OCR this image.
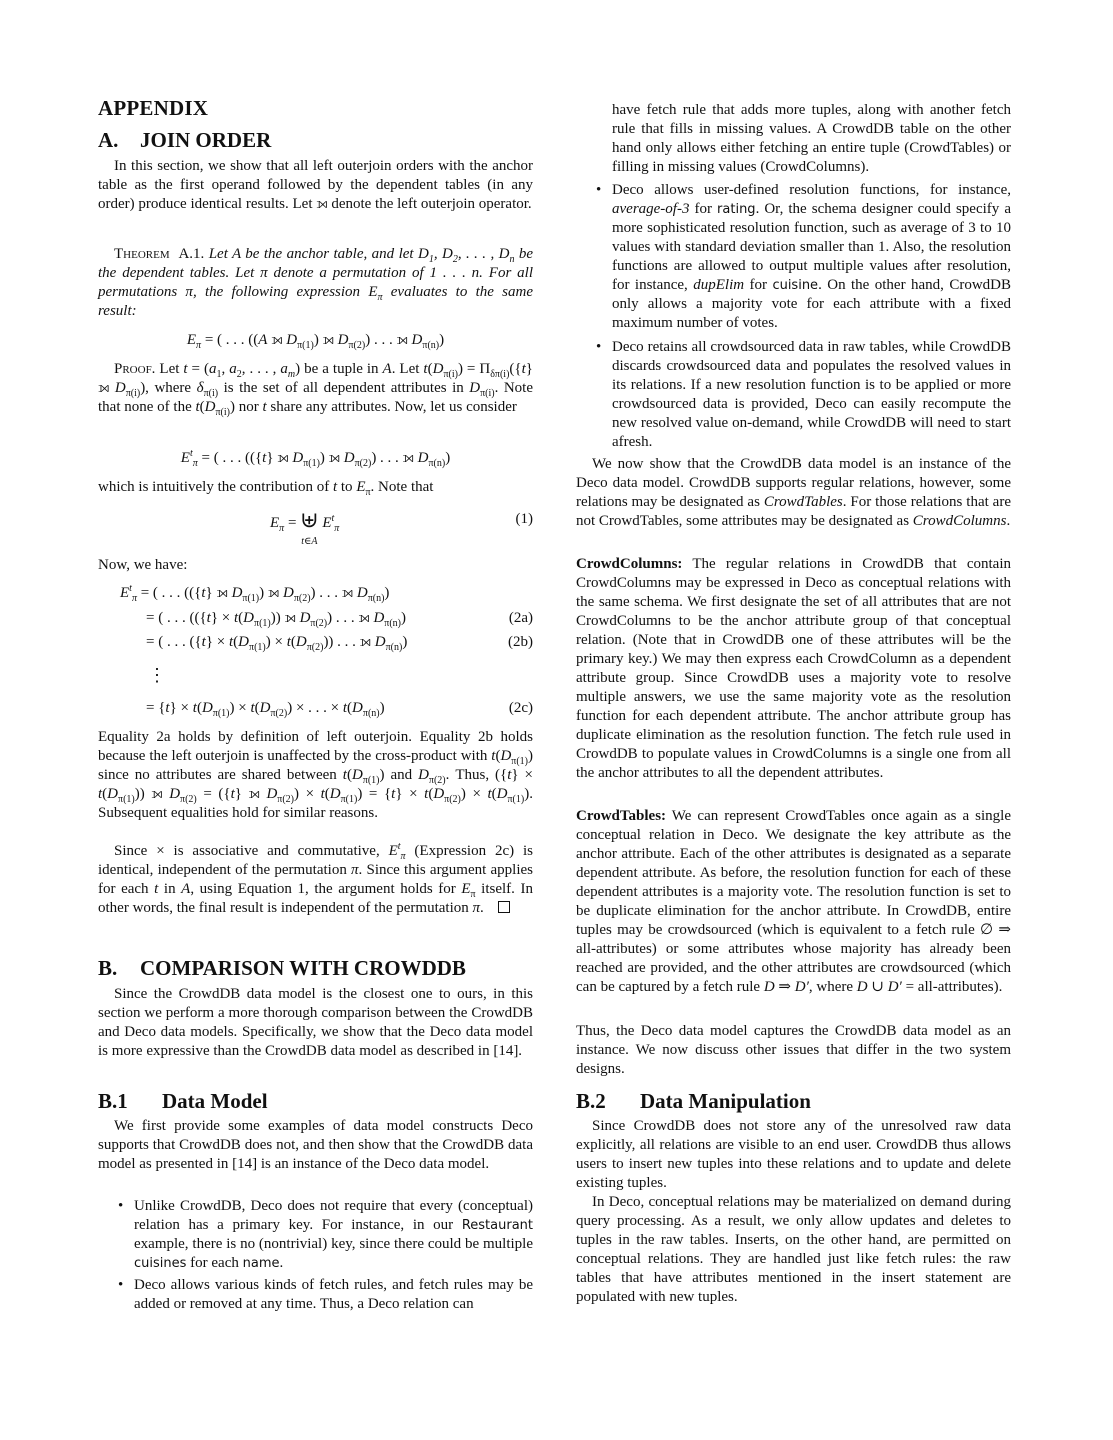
APPENDIX
A. JOIN ORDER
In this section, we show that all left outerjoin orders with the anchor table as the first operand followed by the dependent tables (in any order) produce identical results. Let ⟕ denote the left outerjoin operator.
Theorem A.1. Let A be the anchor table, and let $D_1$, $D_2$, . . . , $D_n$ be the dependent tables. Let π denote a permutation of 1 . . . n. For all permutations π, the following expression $E_\pi$ evaluates to the same result:
$E_\pi$ = ( . . . ((A ⟕ $D_{\pi(1)}$) ⟕ $D_{\pi(2)}$) . . . ⟕ $D_{\pi(n)}$)
Proof. Let $t = (a_1$, $a_2$, . . . , $a_m$) be a tuple in A. Let $t(D_{\pi(i)}) = \Pi_{\delta\pi(i)}(\{t\}$ ⟕ $D_{\pi(i)}$), where $\delta_{\pi(i)}$ is the set of all dependent attributes in $D_{\pi(i)}$. Note that none of the $t(D_{\pi(i)})$ nor t share any attributes. Now, let us consider
$E^t_\pi$ = ( . . . (({t} ⟕ $D_{\pi(1)}$) ⟕ $D_{\pi(2)}$) . . . ⟕ $D_{\pi(n)}$)
which is intuitively the contribution of t to $E_\pi$. Note that
$E_\pi$ = ⊎
t∈A
$E^t_\pi$
(1)
Now, we have:
$E^t_\pi$ = ( . . . (({t} ⟕ $D_{\pi(1)}$) ⟕ $D_{\pi(2)}$) . . . ⟕ $D_{\pi(n)}$)
= ( . . . ($(\{t\} \times t(D_{\pi(1)}))$ ⟕ $D_{\pi(2)}$) . . . ⟕ $D_{\pi(n)}$)	(2a)
= ( . . . $(\{t\} \times t(D_{\pi(1)}) \times t(D_{\pi(2)}))$ . . . ⟕ $D_{\pi(n)}$)	(2b)
⋮
= $\{t\} \times t(D_{\pi(1)}) \times t(D_{\pi(2)})$ × . . . × $t(D_{\pi(n)})$	(2c)
Equality 2a holds by definition of left outerjoin. Equality 2b holds because the left outerjoin is unaffected by the cross-product with $t(D_{\pi(1)})$ since no attributes are shared between $t(D_{\pi(1)})$ and $D_{\pi(2)}$. Thus, $(\{t\} \times t(D_{\pi(1)}))$ ⟕ $D_{\pi(2)} = (\{t\}$ ⟕ $D_{\pi(2)}) \times t(D_{\pi(1)}) = \{t\} \times t(D_{\pi(2)}) \times t(D_{\pi(1)})$. Subsequent equalities hold for similar reasons.
Since × is associative and commutative, $E^t_\pi$ (Expression 2c) is identical, independent of the permutation π. Since this argument applies for each t in A, using Equation 1, the argument holds for $E_\pi$ itself. In other words, the final result is independent of the permutation π.
B. COMPARISON WITH CROWDDB
Since the CrowdDB data model is the closest one to ours, in this section we perform a more thorough comparison between the CrowdDB and Deco data models. Specifically, we show that the Deco data model is more expressive than the CrowdDB data model as described in [14].
B.1 Data Model
We first provide some examples of data model constructs Deco supports that CrowdDB does not, and then show that the CrowdDB data model as presented in [14] is an instance of the Deco data model.
• Unlike CrowdDB, Deco does not require that every (conceptual) relation has a primary key. For instance, in our Restaurant example, there is no (nontrivial) key, since there could be multiple cuisines for each name.
• Deco allows various kinds of fetch rules, and fetch rules may be added or removed at any time. Thus, a Deco relation can
have fetch rule that adds more tuples, along with another fetch rule that fills in missing values. A CrowdDB table on the other hand only allows either fetching an entire tuple (CrowdTables) or filling in missing values (CrowdColumns).
• Deco allows user-defined resolution functions, for instance, average-of-3 for rating. Or, the schema designer could specify a more sophisticated resolution function, such as average of 3 to 10 values with standard deviation smaller than 1. Also, the resolution functions are allowed to output multiple values after resolution, for instance, dupElim for cuisine. On the other hand, CrowdDB only allows a majority vote for each attribute with a fixed maximum number of votes.
• Deco retains all crowdsourced data in raw tables, while CrowdDB discards crowdsourced data and populates the resolved values in its relations. If a new resolution function is to be applied or more crowdsourced data is provided, Deco can easily recompute the new resolved value on-demand, while CrowdDB will need to start afresh.
We now show that the CrowdDB data model is an instance of the Deco data model. CrowdDB supports regular relations, however, some relations may be designated as CrowdTables. For those relations that are not CrowdTables, some attributes may be designated as CrowdColumns.
CrowdColumns: The regular relations in CrowdDB that contain CrowdColumns may be expressed in Deco as conceptual relations with the same schema. We first designate the set of all attributes that are not CrowdColumns to be the anchor attribute group of that conceptual relation. (Note that in CrowdDB one of these attributes will be the primary key.) We may then express each CrowdColumn as a dependent attribute group. Since CrowdDB uses a majority vote to resolve multiple answers, we use the same majority vote as the resolution function for each dependent attribute. The anchor attribute group has duplicate elimination as the resolution function. The fetch rule used in CrowdDB to populate values in CrowdColumns is a single one from all the anchor attributes to all the dependent attributes.
CrowdTables: We can represent CrowdTables once again as a single conceptual relation in Deco. We designate the key attribute as the anchor attribute. Each of the other attributes is designated as a separate dependent attribute. As before, the resolution function for each of these dependent attributes is a majority vote. The resolution function is set to be duplicate elimination for the anchor attribute. In CrowdDB, entire tuples may be crowdsourced (which is equivalent to a fetch rule ∅ ⇒ all-attributes) or some attributes whose majority has already been reached are provided, and the other attributes are crowdsourced (which can be captured by a fetch rule D ⇒ D′, where D ∪ D′ = all-attributes).
Thus, the Deco data model captures the CrowdDB data model as an instance. We now discuss other issues that differ in the two system designs.
B.2 Data Manipulation
Since CrowdDB does not store any of the unresolved raw data explicitly, all relations are visible to an end user. CrowdDB thus allows users to insert new tuples into these relations and to update and delete existing tuples.
In Deco, conceptual relations may be materialized on demand during query processing. As a result, we only allow updates and deletes to tuples in the raw tables. Inserts, on the other hand, are permitted on conceptual relations. They are handled just like fetch rules: the raw tables that have attributes mentioned in the insert statement are populated with new tuples.
